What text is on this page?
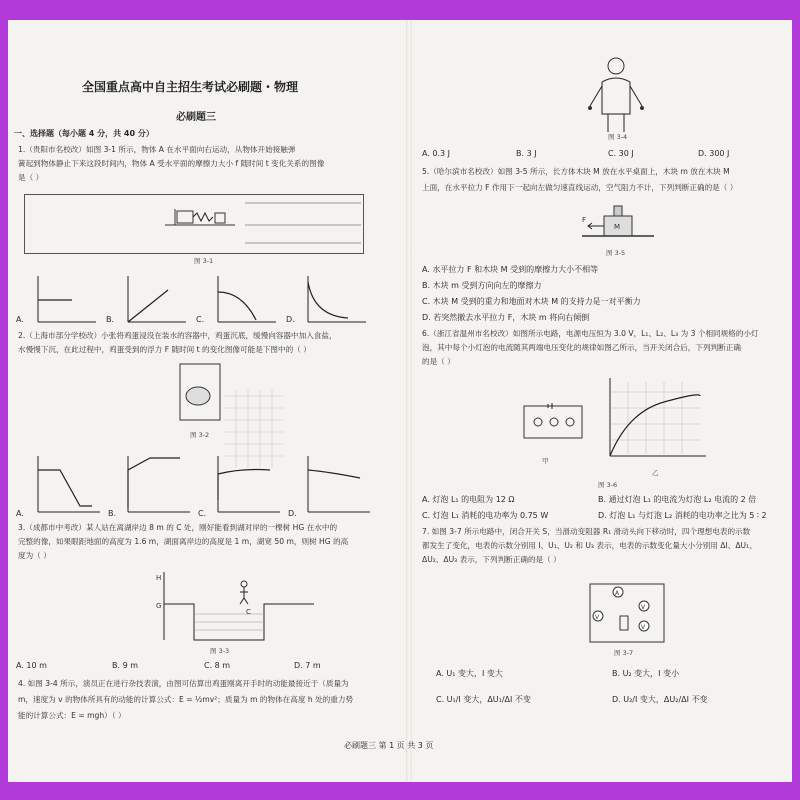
全国重点高中自主招生考试必刷题・物理
必刷题三
一、选择题（每小题 4 分，共 40 分）
1.（贵阳市名校改）如图 3-1 所示，物体 A 在水平面向右运动，从物体开始接触弹
簧起到物体静止下来这段时间内，物体 A 受水平面的摩擦力大小 f 随时间 t 变化关系的图像
是（ ）
图 3-1
A.	B.	C.	D.
2.（上海市部分学校改）小张将鸡蛋浸没在装水的容器中，鸡蛋沉底，缓慢向容器中加入食盐，
水慢慢下沉，在此过程中，鸡蛋受到的浮力 F 随时间 t 的变化图像可能是下图中的（ ）
图 3-2
A.	B.	C.	D.
3.（成都市中考改）某人站在离湖岸边 8 m 的 C 处，刚好能看到湖对岸的一棵树 HG 在水中的
完整的像，如果眼距地面的高度为 1.6 m，湖面离岸边的高度是 1 m，湖宽 50 m，则树 HG 的高
度为（ ）
H
G
C
图 3-3
A. 10 m	B. 9 m	C. 8 m	D. 7 m
4. 如图 3-4 所示，演员正在进行杂技表演，由图可估算出鸡蛋刚离开手时的动能最接近于（质量为
m，速度为 v 的物体所具有的动能的计算公式：E = ½mv²；质量为 m 的物体在高度 h 处的重力势
能的计算公式：E = mgh）（ ）
图 3-4
A. 0.3 J	B. 3 J	C. 30 J	D. 300 J
5.（哈尔滨市名校改）如图 3-5 所示，长方体木块 M 放在水平桌面上，木块 m 放在木块 M
上面，在水平拉力 F 作用下一起向左做匀速直线运动，空气阻力不计，下列判断正确的是（ ）
M
F
图 3-5
A. 水平拉力 F 和木块 M 受到的摩擦力大小不相等
B. 木块 m 受到方向向左的摩擦力
C. 木块 M 受到的重力和地面对木块 M 的支持力是一对平衡力
D. 若突然撤去水平拉力 F，木块 m 将向右倾倒
6.（浙江省温州市名校改）如图所示电路，电源电压恒为 3.0 V，L₁、L₂、L₃ 为 3 个相同规格的小灯
泡，其中每个小灯泡的电流随其两端电压变化的规律如图乙所示，当开关闭合后，下列判断正确
的是（ ）
甲
乙
图 3-6
A. 灯泡 L₁ 的电阻为 12 Ω	B. 通过灯泡 L₁ 的电流为灯泡 L₂ 电流的 2 倍
C. 灯泡 L₁ 消耗的电功率为 0.75 W	D. 灯泡 L₁ 与灯泡 L₂ 消耗的电功率之比为 5 ∶ 2
7. 如图 3-7 所示电路中，闭合开关 S，当滑动变阻器 R₁ 滑动头向下移动时，四个理想电表的示数
都发生了变化，电表的示数分别用 I、U₁、U₂ 和 U₃ 表示，电表的示数变化量大小分别用 ΔI、ΔU₁、
ΔU₂、ΔU₃ 表示，下列判断正确的是（ ）
A
V
V
V
图 3-7
A. U₁ 变大，I 变大	B. U₂ 变大，I 变小
C. U₁/I 变大，ΔU₁/ΔI 不变	D. U₂/I 变大，ΔU₂/ΔI 不变
必刷题三 第 1 页 共 3 页
